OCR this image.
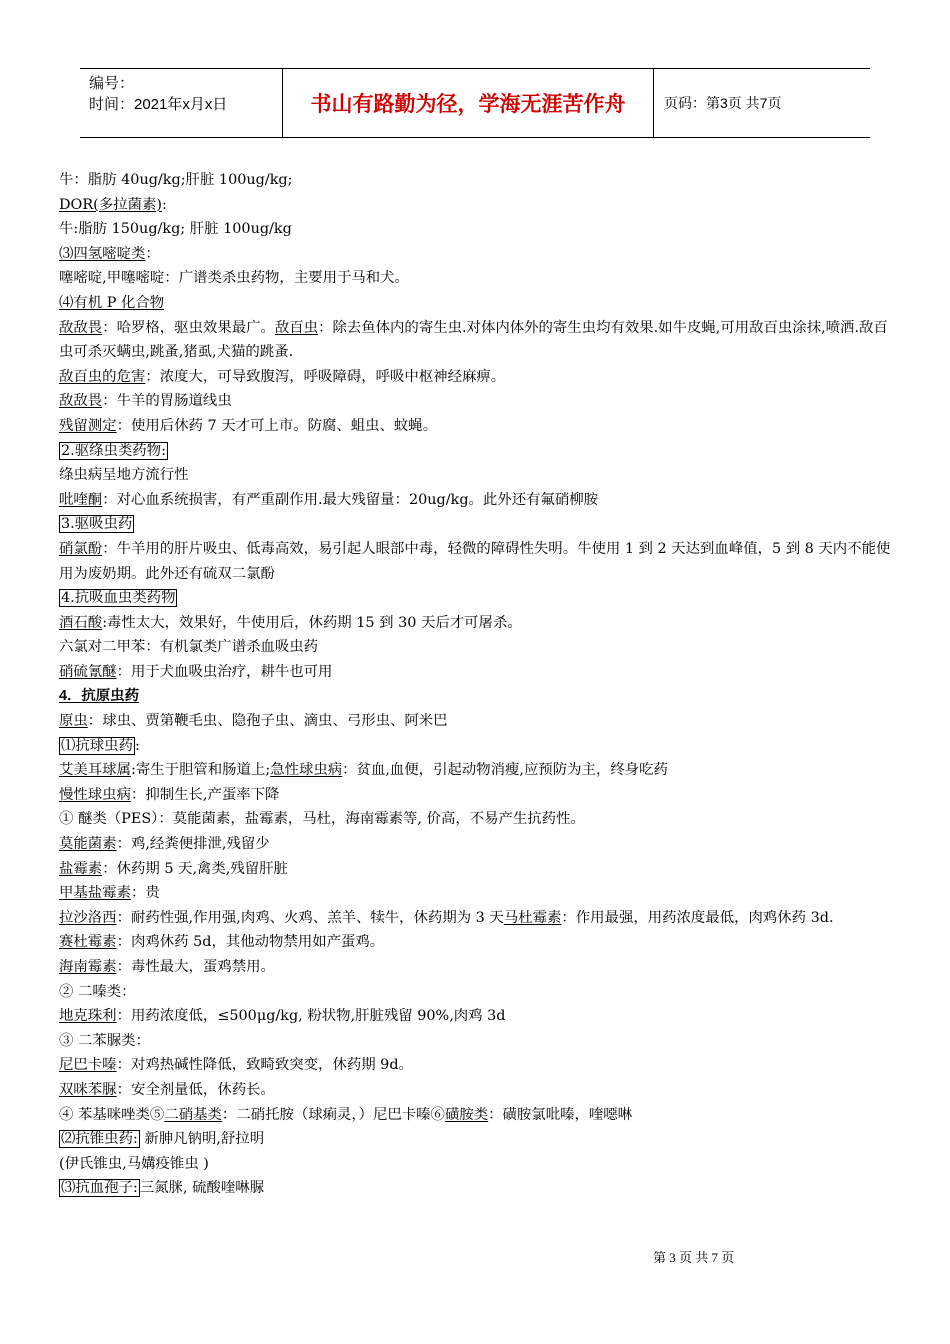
编号：
时间：2021年x月x日	书山有路勤为径，学海无涯苦作舟	页码：第3页 共7页
牛：脂肪 40ug/kg;肝脏 100ug/kg;
DOR(多拉菌素):
牛:脂肪 150ug/kg; 肝脏 100ug/kg
⑶四氢嘧啶类：
噻嘧啶,甲噻嘧啶：广谱类杀虫药物，主要用于马和犬。
⑷有机 P 化合物
敌敌畏：哈罗格，驱虫效果最广。敌百虫：除去鱼体内的寄生虫.对体内体外的寄生虫均有效果.如牛皮蝇,可用敌百虫涂抹,喷洒.敌百虫可杀灭螨虫,跳蚤,猪虱,犬猫的跳蚤.
敌百虫的危害：浓度大，可导致腹泻，呼吸障碍，呼吸中枢神经麻痹。
敌敌畏：牛羊的胃肠道线虫
残留测定：使用后休药 7 天才可上市。防腐、蛆虫、蚊蝇。
2.驱绦虫类药物:
绦虫病呈地方流行性
吡喹酮：对心血系统损害，有严重副作用.最大残留量：20ug/kg。此外还有氟硝柳胺
3.驱吸虫药
硝氯酚：牛羊用的肝片吸虫、低毒高效，易引起人眼部中毒，轻微的障碍性失明。牛使用 1 到 2 天达到血峰值，5 到 8 天内不能使用为废奶期。此外还有硫双二氯酚
4.抗吸血虫类药物
酒石酸:毒性太大，效果好，牛使用后，休药期 15 到 30 天后才可屠杀。
六氯对二甲苯：有机氯类广谱杀血吸虫药
硝硫氰醚：用于犬血吸虫治疗，耕牛也可用
4．抗原虫药
原虫：球虫、贾第鞭毛虫、隐孢子虫、滴虫、弓形虫、阿米巴
⑴抗球虫药 :
艾美耳球属:寄生于胆管和肠道上;急性球虫病：贫血,血便，引起动物消瘦,应预防为主，终身吃药
慢性球虫病：抑制生长,产蛋率下降
① 醚类（PES）：莫能菌素，盐霉素，马杜，海南霉素等, 价高，不易产生抗药性。
莫能菌素：鸡,经粪便排泄,残留少
盐霉素：休药期 5 天,禽类,残留肝脏
甲基盐霉素：贵
拉沙洛西：耐药性强,作用强,肉鸡、火鸡、羔羊、犊牛，休药期为 3 天马杜霉素：作用最强，用药浓度最低，肉鸡休药 3d.
赛杜霉素：肉鸡休药 5d，其他动物禁用如产蛋鸡。
海南霉素：毒性最大，蛋鸡禁用。
② 二嗪类：
地克珠利：用药浓度低，≤500μg/kg, 粉状物,肝脏残留 90%,肉鸡 3d
③ 二苯脲类：
尼巴卡嗪：对鸡热碱性降低，致畸致突变，休药期 9d。
双咪苯脲：安全剂量低，休药长。
④ 苯基咪唑类⑤二硝基类：二硝托胺（球痢灵，）尼巴卡嗪⑥磺胺类：磺胺氯吡嗪，喹噁啉
⑵抗锥虫药: 新胂凡钠明,舒拉明
(伊氏锥虫,马媾疫锥虫 )
⑶抗血孢子: 三氮脒, 硫酸喹啉脲
第 3 页 共 7 页
